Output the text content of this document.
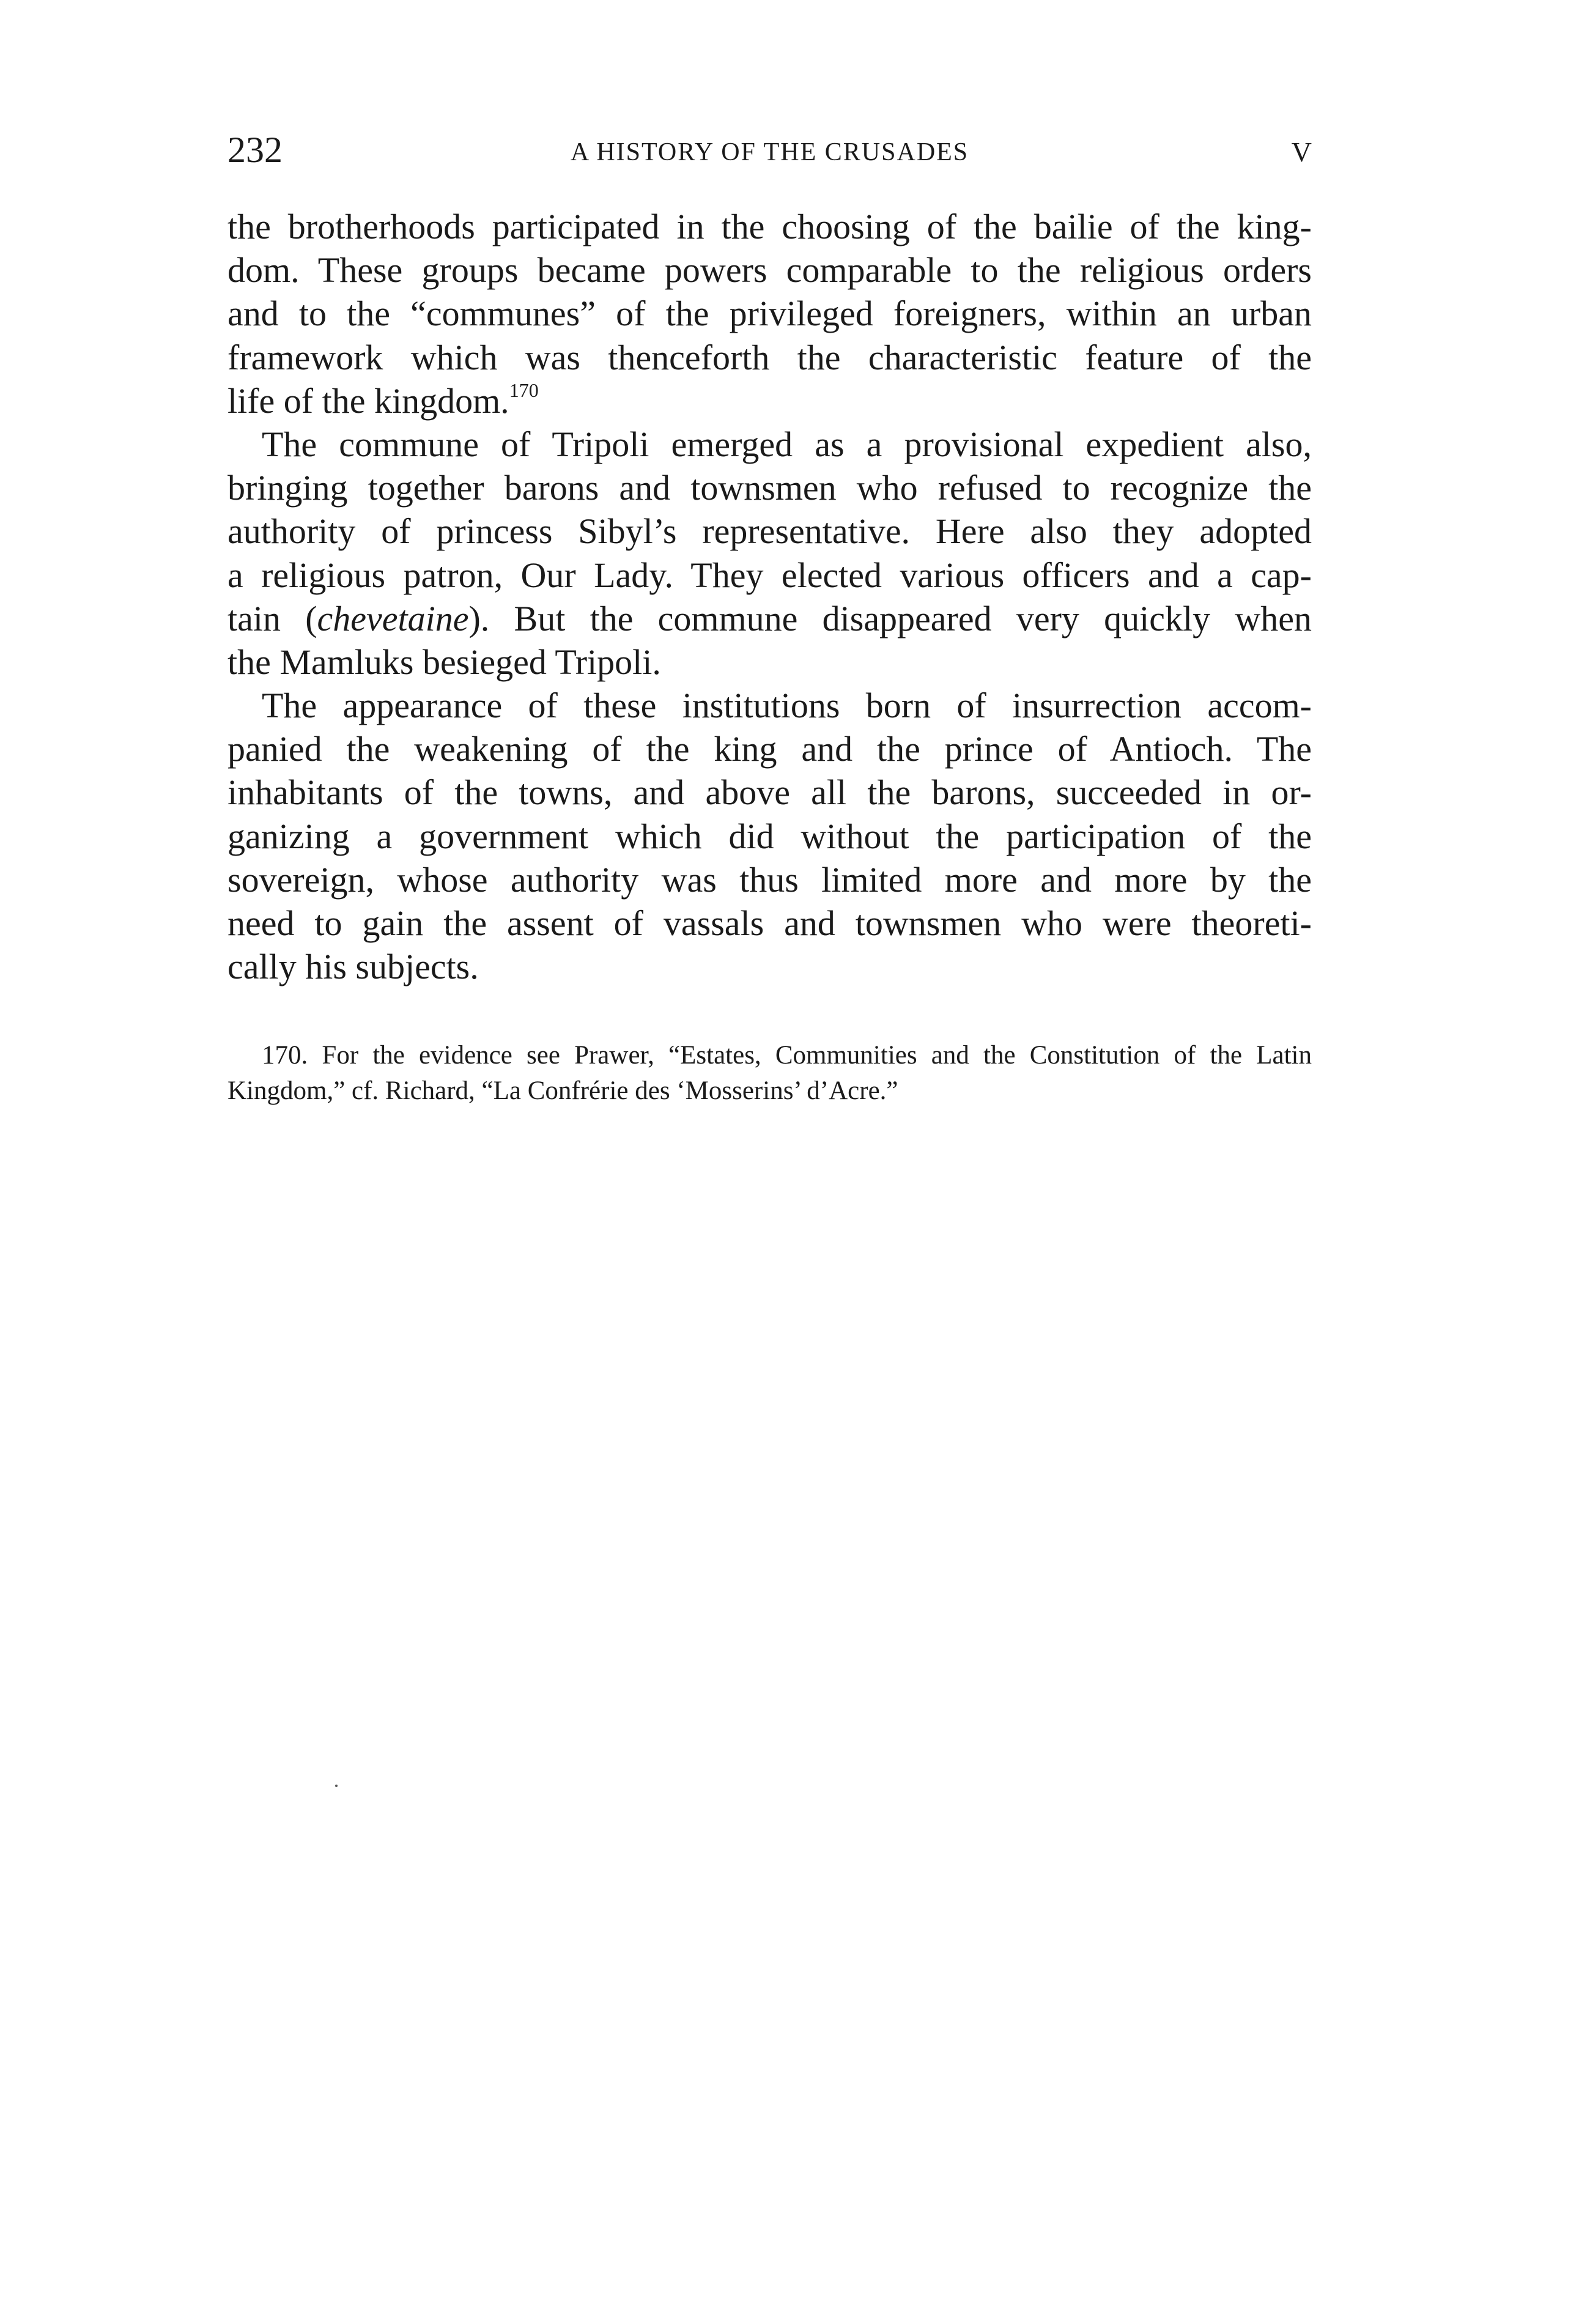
232	A HISTORY OF THE CRUSADES	V
the brotherhoods participated in the choosing of the bailie of the king-
dom. These groups became powers comparable to the religious orders
and to the “communes” of the privileged foreigners, within an urban
framework which was thenceforth the characteristic feature of the
life of the kingdom.$^{170}$
The commune of Tripoli emerged as a provisional expedient also,
bringing together barons and townsmen who refused to recognize the
authority of princess Sibyl’s representative. Here also they adopted
a religious patron, Our Lady. They elected various officers and a cap-
tain (chevetaine). But the commune disappeared very quickly when
the Mamluks besieged Tripoli.
The appearance of these institutions born of insurrection accom-
panied the weakening of the king and the prince of Antioch. The
inhabitants of the towns, and above all the barons, succeeded in or-
ganizing a government which did without the participation of the
sovereign, whose authority was thus limited more and more by the
need to gain the assent of vassals and townsmen who were theoreti-
cally his subjects.
170. For the evidence see Prawer, “Estates, Communities and the Constitution of the Latin
Kingdom,” cf. Richard, “La Confrérie des ‘Mosserins’ d’Acre.”
